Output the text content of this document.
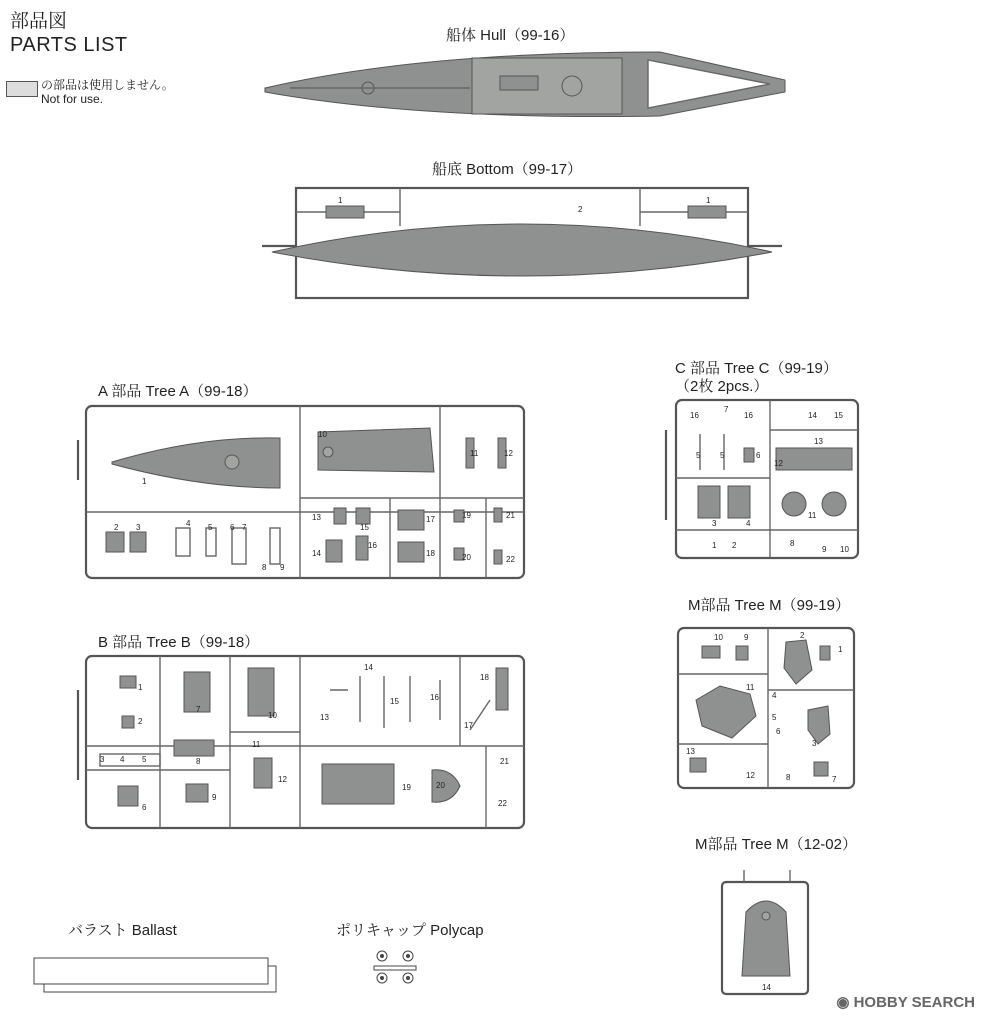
部品図
PARTS LIST
の部品は使用しません。
Not for use.
船体 Hull（99-16）
船底 Bottom（99-17）
A 部品 Tree A（99-18）
B 部品 Tree B（99-18）
C 部品 Tree C（99-19）
（2枚 2pcs.）
M部品 Tree M（99-19）
M部品 Tree M（12-02）
バラスト Ballast	ポリキャップ Polycap
1
2
1
1
2 3	4 5 6 7
8 9
10
11	12
13
14
15
16
17
18
19
20
21
22
1
2
3 4 5
6
7
8
9
10
11
12
13
14
15	16
17
18
19	20
21
22
16
7
16	14 15
13
5 5	6
12
3	4
11
1 2	8
9 10
10	9	2
1
11
4
5
6
3
13
12	8	7
14
◉ HOBBY SEARCH
